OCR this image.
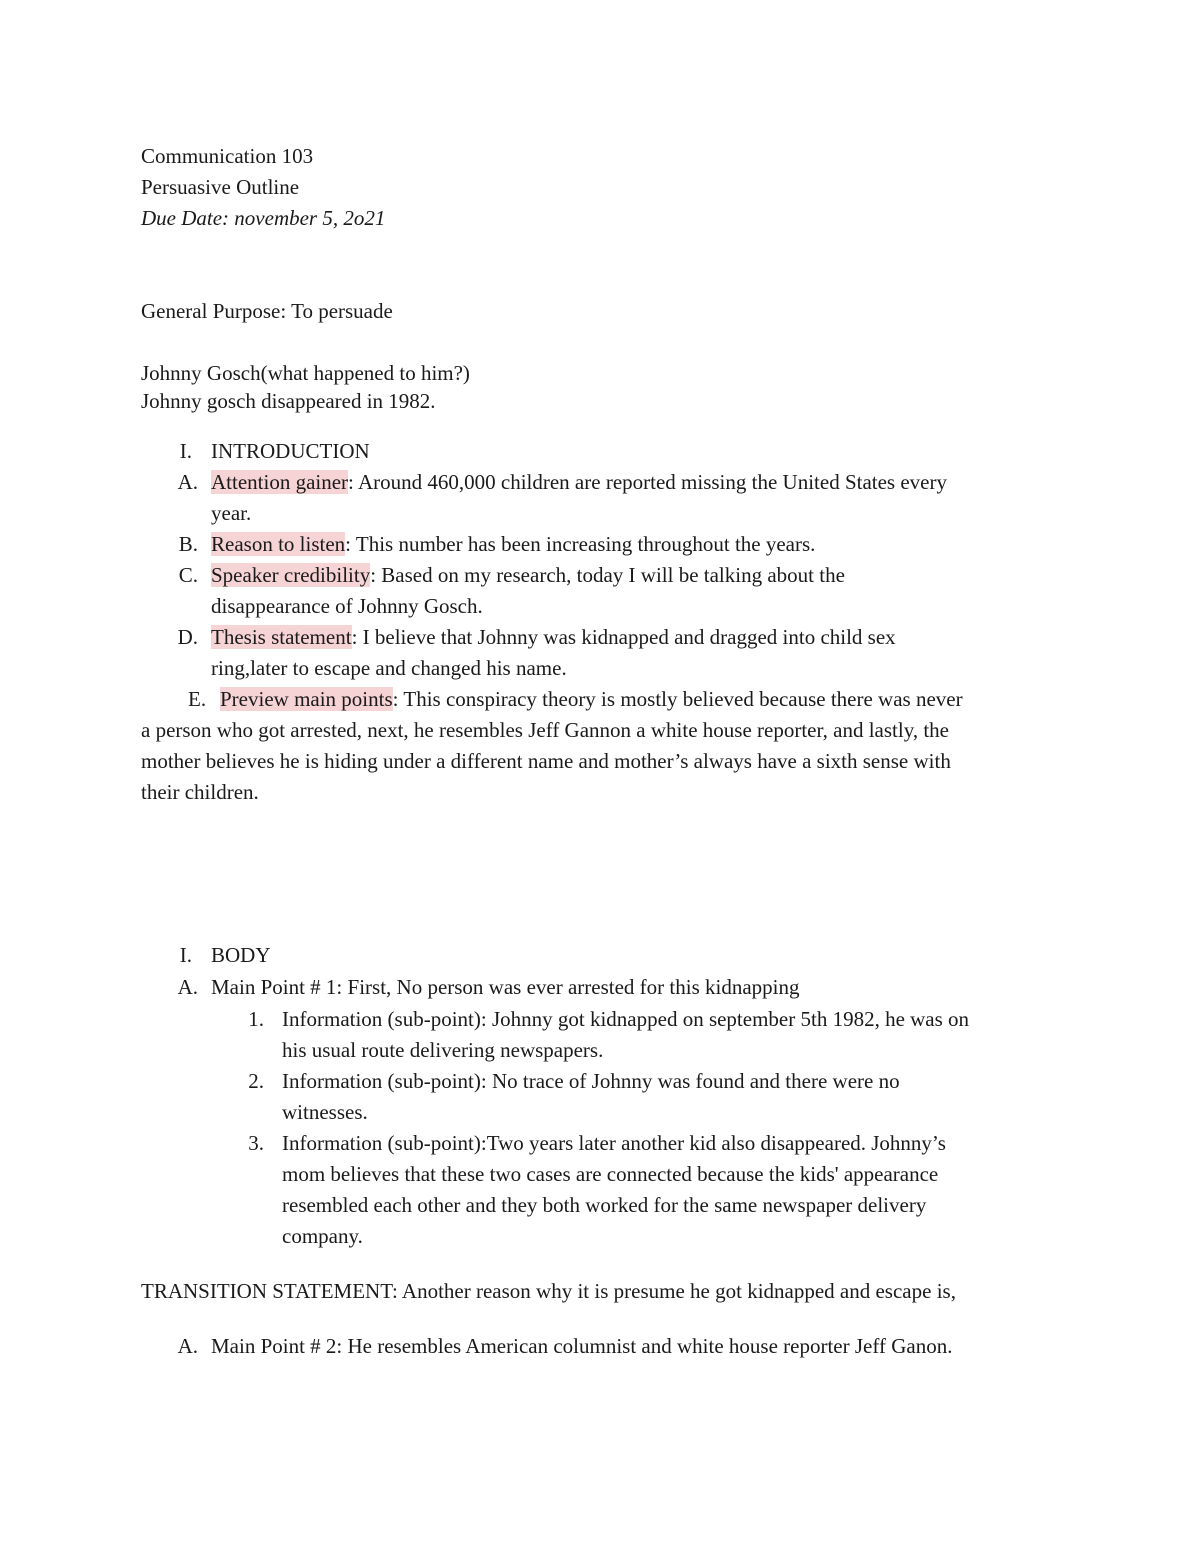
Communication 103
Persuasive Outline
Due Date: november 5, 2o21
General Purpose: To persuade
Johnny Gosch(what happened to him?)
Johnny gosch disappeared in 1982.
I. INTRODUCTION
A. Attention gainer: Around 460,000 children are reported missing the United States every
year.
B. Reason to listen: This number has been increasing throughout the years.
C. Speaker credibility: Based on my research, today I will be talking about the
disappearance of Johnny Gosch.
D. Thesis statement: I believe that Johnny was kidnapped and dragged into child sex
ring,later to escape and changed his name.
E. Preview main points: This conspiracy theory is mostly believed because there was never
a person who got arrested, next, he resembles Jeff Gannon a white house reporter, and lastly, the
mother believes he is hiding under a different name and mother’s always have a sixth sense with
their children.
I. BODY
A. Main Point # 1: First, No person was ever arrested for this kidnapping
1. Information (sub-point): Johnny got kidnapped on september 5th 1982, he was on
his usual route delivering newspapers.
2. Information (sub-point): No trace of Johnny was found and there were no
witnesses.
3. Information (sub-point):Two years later another kid also disappeared. Johnny’s
mom believes that these two cases are connected because the kids' appearance
resembled each other and they both worked for the same newspaper delivery
company.
TRANSITION STATEMENT: Another reason why it is presume he got kidnapped and escape is,
A. Main Point # 2: He resembles American columnist and white house reporter Jeff Ganon.
